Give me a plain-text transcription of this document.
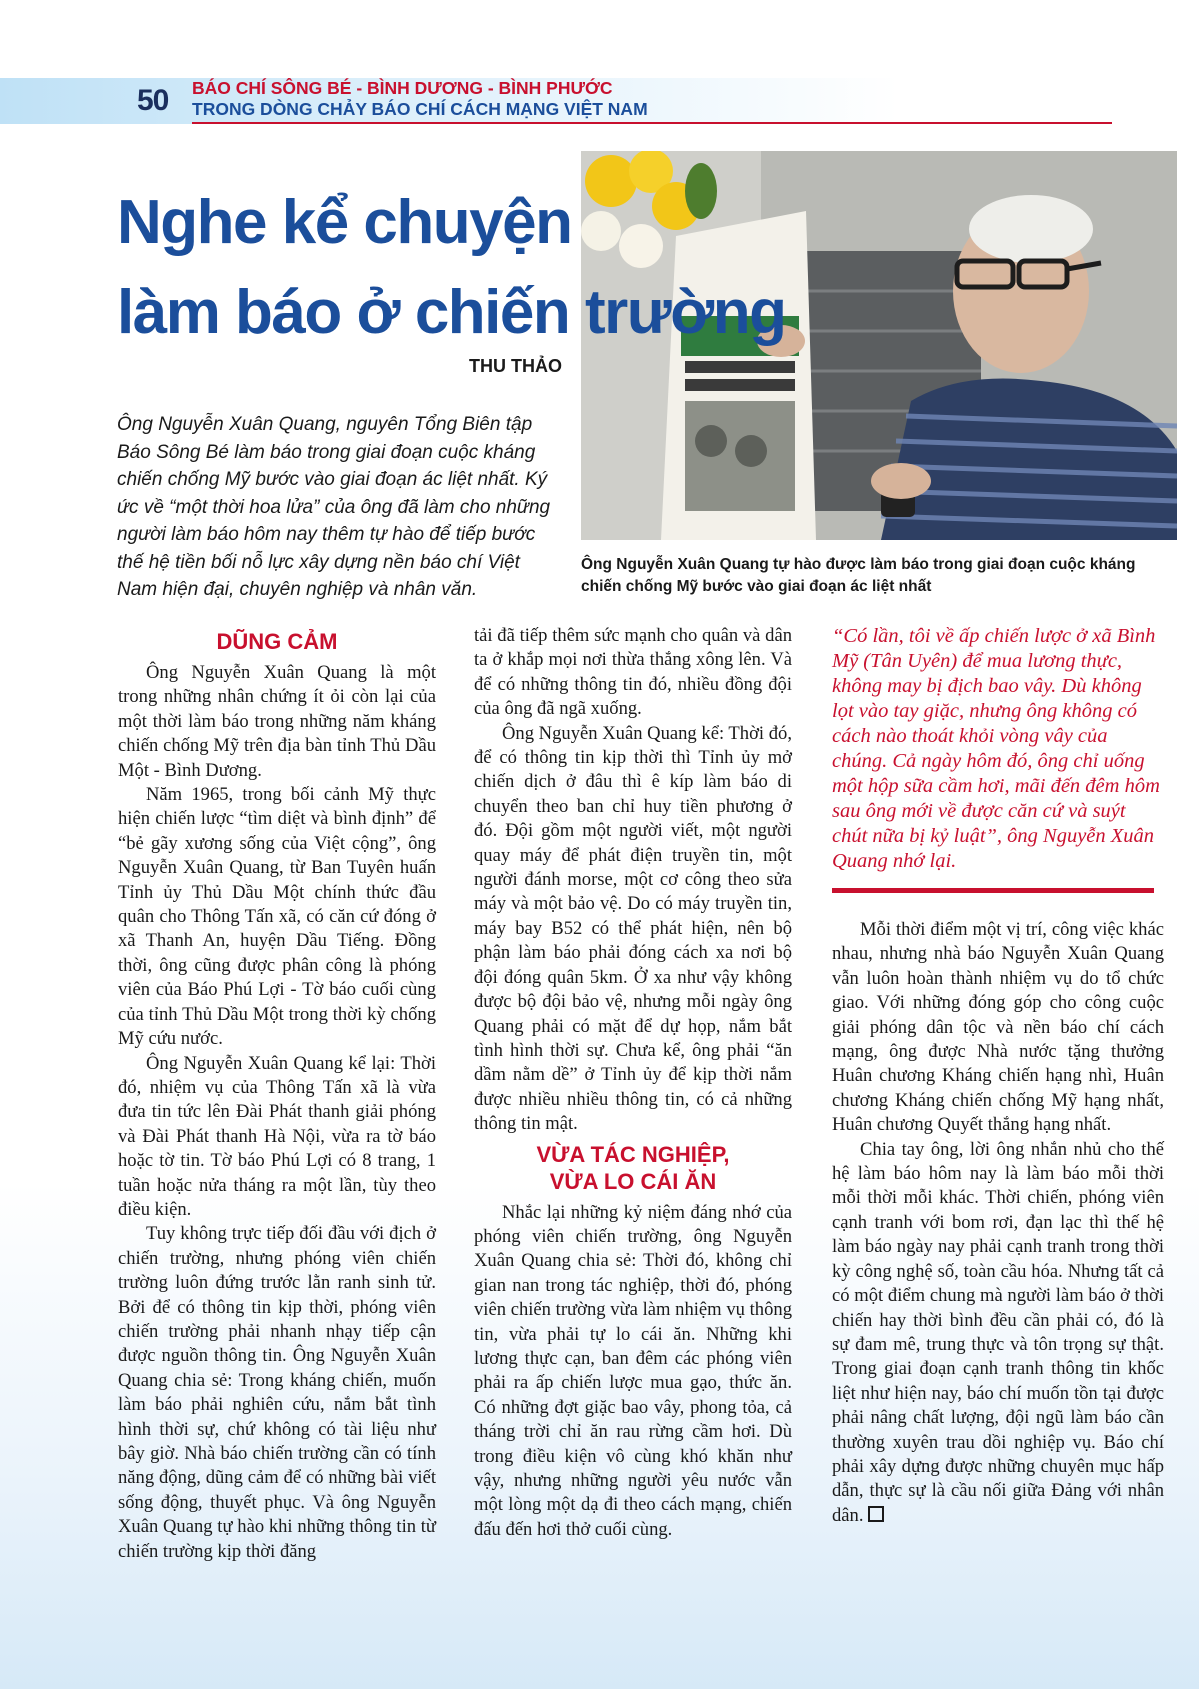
50 BÁO CHÍ SÔNG BÉ - BÌNH DƯƠNG - BÌNH PHƯỚC
TRONG DÒNG CHẢY BÁO CHÍ CÁCH MẠNG VIỆT NAM
Nghe kể chuyện
làm báo ở chiến trường
THU THẢO
Ông Nguyễn Xuân Quang, nguyên Tổng Biên tập Báo Sông Bé làm báo trong giai đoạn cuộc kháng chiến chống Mỹ bước vào giai đoạn ác liệt nhất. Ký ức về “một thời hoa lửa” của ông đã làm cho những người làm báo hôm nay thêm tự hào để tiếp bước thế hệ tiền bối nỗ lực xây dựng nền báo chí Việt Nam hiện đại, chuyên nghiệp và nhân văn.
Ông Nguyễn Xuân Quang tự hào được làm báo trong giai đoạn cuộc kháng chiến chống Mỹ bước vào giai đoạn ác liệt nhất
DŨNG CẢM

Ông Nguyễn Xuân Quang là một trong những nhân chứng ít ỏi còn lại của một thời làm báo trong những năm kháng chiến chống Mỹ trên địa bàn tỉnh Thủ Dầu Một - Bình Dương.

Năm 1965, trong bối cảnh Mỹ thực hiện chiến lược “tìm diệt và bình định” để “bẻ gãy xương sống của Việt cộng”, ông Nguyễn Xuân Quang, từ Ban Tuyên huấn Tỉnh ủy Thủ Dầu Một chính thức đầu quân cho Thông Tấn xã, có căn cứ đóng ở xã Thanh An, huyện Dầu Tiếng. Đồng thời, ông cũng được phân công là phóng viên của Báo Phú Lợi - Tờ báo cuối cùng của tỉnh Thủ Dầu Một trong thời kỳ chống Mỹ cứu nước.

Ông Nguyễn Xuân Quang kể lại: Thời đó, nhiệm vụ của Thông Tấn xã là vừa đưa tin tức lên Đài Phát thanh giải phóng và Đài Phát thanh Hà Nội, vừa ra tờ báo hoặc tờ tin. Tờ báo Phú Lợi có 8 trang, 1 tuần hoặc nửa tháng ra một lần, tùy theo điều kiện.

Tuy không trực tiếp đối đầu với địch ở chiến trường, nhưng phóng viên chiến trường luôn đứng trước lằn ranh sinh tử. Bởi để có thông tin kịp thời, phóng viên chiến trường phải nhanh nhạy tiếp cận được nguồn thông tin. Ông Nguyễn Xuân Quang chia sẻ: Trong kháng chiến, muốn làm báo phải nghiên cứu, nắm bắt tình hình thời sự, chứ không có tài liệu như bây giờ. Nhà báo chiến trường cần có tính năng động, dũng cảm để có những bài viết sống động, thuyết phục. Và ông Nguyễn Xuân Quang tự hào khi những thông tin từ chiến trường kịp thời đăng

tải đã tiếp thêm sức mạnh cho quân và dân ta ở khắp mọi nơi thừa thắng xông lên. Và để có những thông tin đó, nhiều đồng đội của ông đã ngã xuống.

Ông Nguyễn Xuân Quang kể: Thời đó, để có thông tin kịp thời thì Tỉnh ủy mở chiến dịch ở đâu thì ê kíp làm báo di chuyển theo ban chỉ huy tiền phương ở đó. Đội gồm một người viết, một người quay máy để phát điện truyền tin, một người đánh morse, một cơ công theo sửa máy và một bảo vệ. Do có máy truyền tin, máy bay B52 có thể phát hiện, nên bộ phận làm báo phải đóng cách xa nơi bộ đội đóng quân 5km. Ở xa như vậy không được bộ đội bảo vệ, nhưng mỗi ngày ông Quang phải có mặt để dự họp, nắm bắt tình hình thời sự. Chưa kể, ông phải “ăn dầm nằm dề” ở Tỉnh ủy để kịp thời nắm được nhiều nhiều thông tin, có cả những thông tin mật.

VỪA TÁC NGHIỆP,
VỪA LO CÁI ĂN

Nhắc lại những kỷ niệm đáng nhớ của phóng viên chiến trường, ông Nguyễn Xuân Quang chia sẻ: Thời đó, không chỉ gian nan trong tác nghiệp, thời đó, phóng viên chiến trường vừa làm nhiệm vụ thông tin, vừa phải tự lo cái ăn. Những khi lương thực cạn, ban đêm các phóng viên phải ra ấp chiến lược mua gạo, thức ăn. Có những đợt giặc bao vây, phong tỏa, cả tháng trời chỉ ăn rau rừng cầm hơi. Dù trong điều kiện vô cùng khó khăn như vậy, nhưng những người yêu nước vẫn một lòng một dạ đi theo cách mạng, chiến đấu đến hơi thở cuối cùng.

“Có lần, tôi về ấp chiến lược ở xã Bình Mỹ (Tân Uyên) để mua lương thực, không may bị địch bao vây. Dù không lọt vào tay giặc, nhưng ông không có cách nào thoát khỏi vòng vây của chúng. Cả ngày hôm đó, ông chỉ uống một hộp sữa cầm hơi, mãi đến đêm hôm sau ông mới về được căn cứ và suýt chút nữa bị kỷ luật”, ông Nguyễn Xuân Quang nhớ lại.

Mỗi thời điểm một vị trí, công việc khác nhau, nhưng nhà báo Nguyễn Xuân Quang vẫn luôn hoàn thành nhiệm vụ do tổ chức giao. Với những đóng góp cho công cuộc giải phóng dân tộc và nền báo chí cách mạng, ông được Nhà nước tặng thưởng Huân chương Kháng chiến hạng nhì, Huân chương Kháng chiến chống Mỹ hạng nhất, Huân chương Quyết thắng hạng nhất.

Chia tay ông, lời ông nhắn nhủ cho thế hệ làm báo hôm nay là làm báo mỗi thời mỗi thời mỗi khác. Thời chiến, phóng viên cạnh tranh với bom rơi, đạn lạc thì thế hệ làm báo ngày nay phải cạnh tranh trong thời kỳ công nghệ số, toàn cầu hóa. Nhưng tất cả có một điểm chung mà người làm báo ở thời chiến hay thời bình đều cần phải có, đó là sự đam mê, trung thực và tôn trọng sự thật. Trong giai đoạn cạnh tranh thông tin khốc liệt như hiện nay, báo chí muốn tồn tại được phải nâng chất lượng, đội ngũ làm báo cần thường xuyên trau dồi nghiệp vụ. Báo chí phải xây dựng được những chuyên mục hấp dẫn, thực sự là cầu nối giữa Đảng với nhân dân.
